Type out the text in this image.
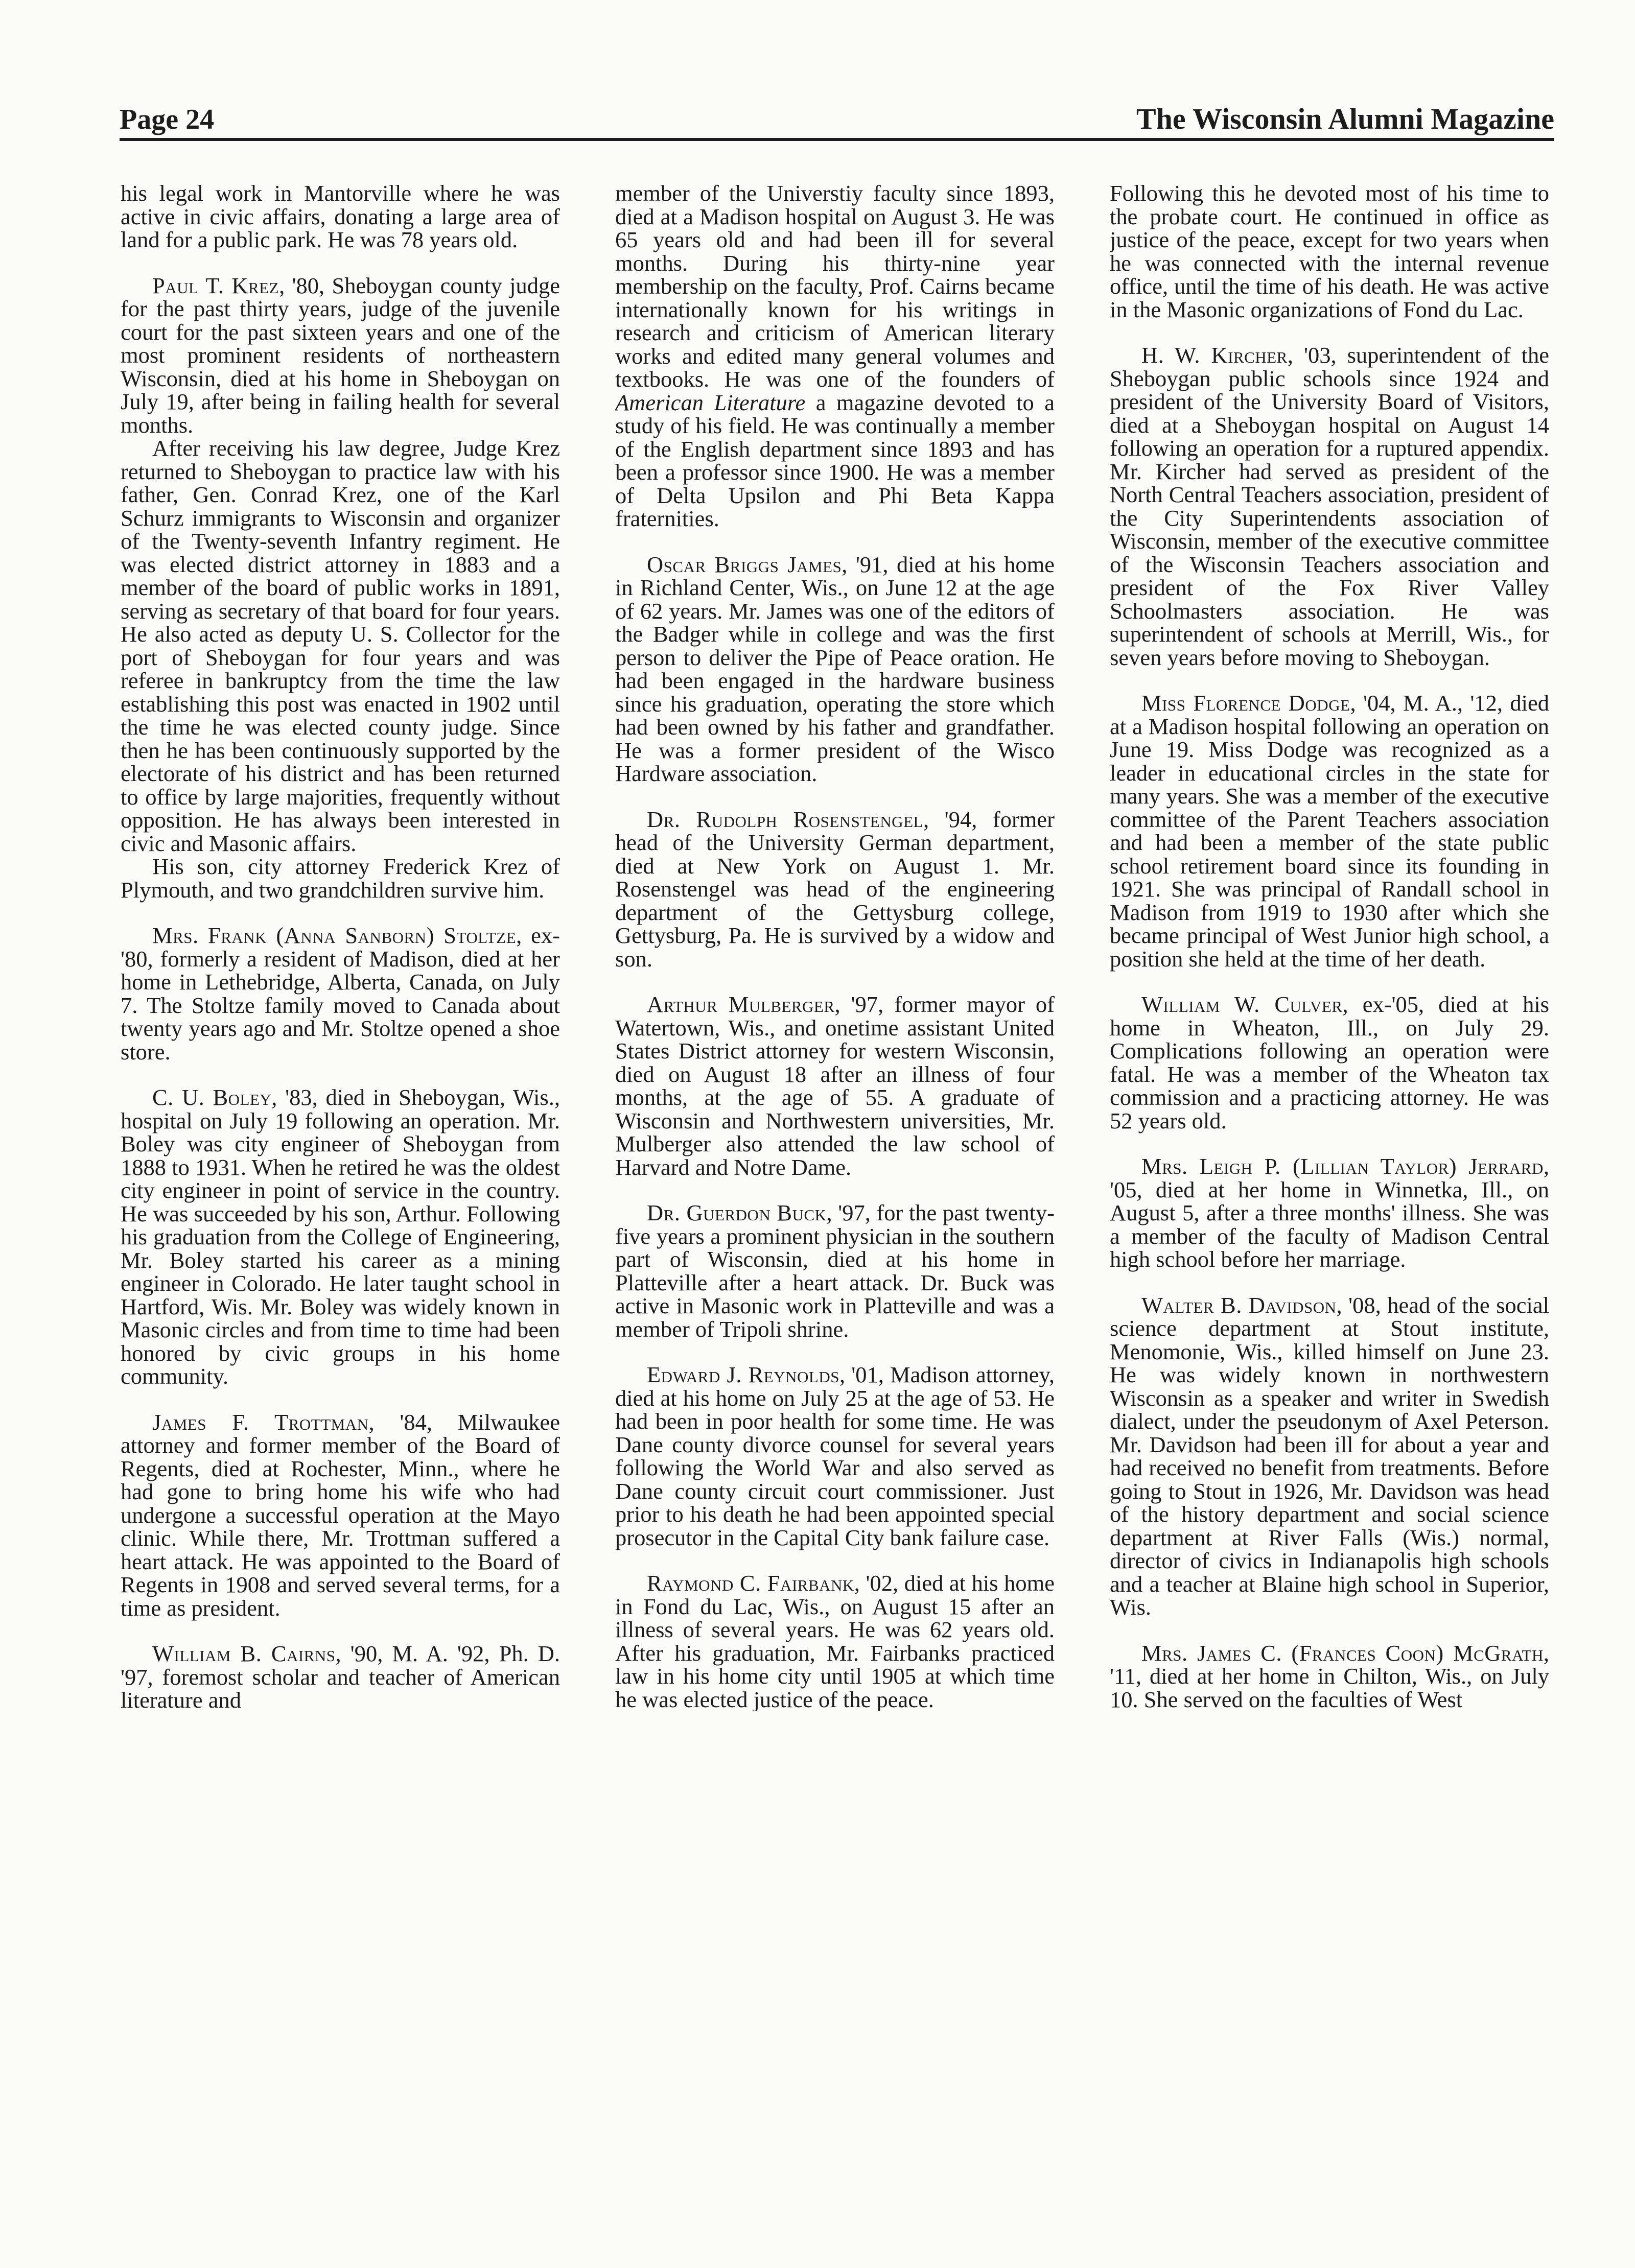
Page 24	The Wisconsin Alumni Magazine

his legal work in Mantorville where he was active in civic affairs, donating a large area of land for a public park. He was 78 years old.

Paul T. Krez, '80, Sheboygan county judge for the past thirty years, judge of the juvenile court for the past sixteen years and one of the most prominent residents of northeastern Wisconsin, died at his home in Sheboygan on July 19, after being in failing health for several months.

After receiving his law degree, Judge Krez returned to Sheboygan to practice law with his father, Gen. Conrad Krez, one of the Karl Schurz immigrants to Wisconsin and organizer of the Twenty-seventh Infantry regiment. He was elected district attorney in 1883 and a member of the board of public works in 1891, serving as secretary of that board for four years. He also acted as deputy U. S. Collector for the port of Sheboygan for four years and was referee in bankruptcy from the time the law establishing this post was enacted in 1902 until the time he was elected county judge. Since then he has been continuously supported by the electorate of his district and has been returned to office by large majorities, frequently without opposition. He has always been interested in civic and Masonic affairs.

His son, city attorney Frederick Krez of Plymouth, and two grandchildren survive him.

Mrs. Frank (Anna Sanborn) Stoltze, ex-'80, formerly a resident of Madison, died at her home in Lethebridge, Alberta, Canada, on July 7. The Stoltze family moved to Canada about twenty years ago and Mr. Stoltze opened a shoe store.

C. U. Boley, '83, died in Sheboygan, Wis., hospital on July 19 following an operation. Mr. Boley was city engineer of Sheboygan from 1888 to 1931. When he retired he was the oldest city engineer in point of service in the country. He was succeeded by his son, Arthur. Following his graduation from the College of Engineering, Mr. Boley started his career as a mining engineer in Colorado. He later taught school in Hartford, Wis. Mr. Boley was widely known in Masonic circles and from time to time had been honored by civic groups in his home community.

James F. Trottman, '84, Milwaukee attorney and former member of the Board of Regents, died at Rochester, Minn., where he had gone to bring home his wife who had undergone a successful operation at the Mayo clinic. While there, Mr. Trottman suffered a heart attack. He was appointed to the Board of Regents in 1908 and served several terms, for a time as president.

William B. Cairns, '90, M. A. '92, Ph. D. '97, foremost scholar and teacher of American literature and

member of the Universtiy faculty since 1893, died at a Madison hospital on August 3. He was 65 years old and had been ill for several months. During his thirty-nine year membership on the faculty, Prof. Cairns became internationally known for his writings in research and criticism of American literary works and edited many general volumes and textbooks. He was one of the founders of American Literature a magazine devoted to a study of his field. He was continually a member of the English department since 1893 and has been a professor since 1900. He was a member of Delta Upsilon and Phi Beta Kappa fraternities.

Oscar Briggs James, '91, died at his home in Richland Center, Wis., on June 12 at the age of 62 years. Mr. James was one of the editors of the Badger while in college and was the first person to deliver the Pipe of Peace oration. He had been engaged in the hardware business since his graduation, operating the store which had been owned by his father and grandfather. He was a former president of the Wisco Hardware association.

Dr. Rudolph Rosenstengel, '94, former head of the University German department, died at New York on August 1. Mr. Rosenstengel was head of the engineering department of the Gettysburg college, Gettysburg, Pa. He is survived by a widow and son.

Arthur Mulberger, '97, former mayor of Watertown, Wis., and onetime assistant United States District attorney for western Wisconsin, died on August 18 after an illness of four months, at the age of 55. A graduate of Wisconsin and Northwestern universities, Mr. Mulberger also attended the law school of Harvard and Notre Dame.

Dr. Guerdon Buck, '97, for the past twenty-five years a prominent physician in the southern part of Wisconsin, died at his home in Platteville after a heart attack. Dr. Buck was active in Masonic work in Platteville and was a member of Tripoli shrine.

Edward J. Reynolds, '01, Madison attorney, died at his home on July 25 at the age of 53. He had been in poor health for some time. He was Dane county divorce counsel for several years following the World War and also served as Dane county circuit court commissioner. Just prior to his death he had been appointed special prosecutor in the Capital City bank failure case.

Raymond C. Fairbank, '02, died at his home in Fond du Lac, Wis., on August 15 after an illness of several years. He was 62 years old. After his graduation, Mr. Fairbanks practiced law in his home city until 1905 at which time he was elected justice of the peace.

Following this he devoted most of his time to the probate court. He continued in office as justice of the peace, except for two years when he was connected with the internal revenue office, until the time of his death. He was active in the Masonic organizations of Fond du Lac.

H. W. Kircher, '03, superintendent of the Sheboygan public schools since 1924 and president of the University Board of Visitors, died at a Sheboygan hospital on August 14 following an operation for a ruptured appendix. Mr. Kircher had served as president of the North Central Teachers association, president of the City Superintendents association of Wisconsin, member of the executive committee of the Wisconsin Teachers association and president of the Fox River Valley Schoolmasters association. He was superintendent of schools at Merrill, Wis., for seven years before moving to Sheboygan.

Miss Florence Dodge, '04, M. A., '12, died at a Madison hospital following an operation on June 19. Miss Dodge was recognized as a leader in educational circles in the state for many years. She was a member of the executive committee of the Parent Teachers association and had been a member of the state public school retirement board since its founding in 1921. She was principal of Randall school in Madison from 1919 to 1930 after which she became principal of West Junior high school, a position she held at the time of her death.

William W. Culver, ex-'05, died at his home in Wheaton, Ill., on July 29. Complications following an operation were fatal. He was a member of the Wheaton tax commission and a practicing attorney. He was 52 years old.

Mrs. Leigh P. (Lillian Taylor) Jerrard, '05, died at her home in Winnetka, Ill., on August 5, after a three months' illness. She was a member of the faculty of Madison Central high school before her marriage.

Walter B. Davidson, '08, head of the social science department at Stout institute, Menomonie, Wis., killed himself on June 23. He was widely known in northwestern Wisconsin as a speaker and writer in Swedish dialect, under the pseudonym of Axel Peterson. Mr. Davidson had been ill for about a year and had received no benefit from treatments. Before going to Stout in 1926, Mr. Davidson was head of the history department and social science department at River Falls (Wis.) normal, director of civics in Indianapolis high schools and a teacher at Blaine high school in Superior, Wis.

Mrs. James C. (Frances Coon) McGrath, '11, died at her home in Chilton, Wis., on July 10. She served on the faculties of West
